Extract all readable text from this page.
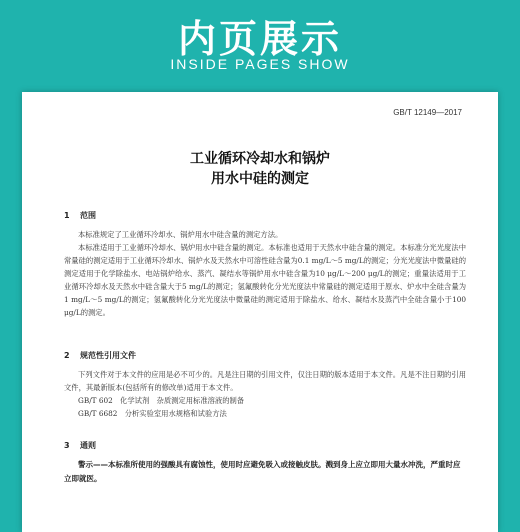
内页展示
INSIDE PAGES SHOW
GB/T 12149—2017
工业循环冷却水和锅炉
用水中硅的测定
1 范围

本标准规定了工业循环冷却水、锅炉用水中硅含量的测定方法。

本标准适用于工业循环冷却水、锅炉用水中硅含量的测定。本标准也适用于天然水中硅含量的测定。本标准分光光度法中常量硅的测定适用于工业循环冷却水、锅炉水及天然水中可溶性硅含量为0.1 mg/L～5 mg/L的测定；分光光度法中微量硅的测定适用于化学除盐水、电站锅炉给水、蒸汽、凝结水等锅炉用水中硅含量为10 μg/L～200 μg/L的测定；重量法适用于工业循环冷却水及天然水中硅含量大于5 mg/L的测定；氢氟酸转化分光光度法中常量硅的测定适用于原水、炉水中全硅含量为1 mg/L～5 mg/L的测定；氢氟酸转化分光光度法中微量硅的测定适用于除盐水、给水、凝结水及蒸汽中全硅含量小于100 μg/L的测定。

2 规范性引用文件

下列文件对于本文件的应用是必不可少的。凡是注日期的引用文件，仅注日期的版本适用于本文件。凡是不注日期的引用文件，其最新版本(包括所有的修改单)适用于本文件。

GB/T 602　化学试剂　杂质测定用标准溶液的制备

GB/T 6682　分析实验室用水规格和试验方法

3 通则
警示——本标准所使用的强酸具有腐蚀性，使用时应避免吸入或接触皮肤。溅到身上应立即用大量水冲洗，严重时应立即就医。
